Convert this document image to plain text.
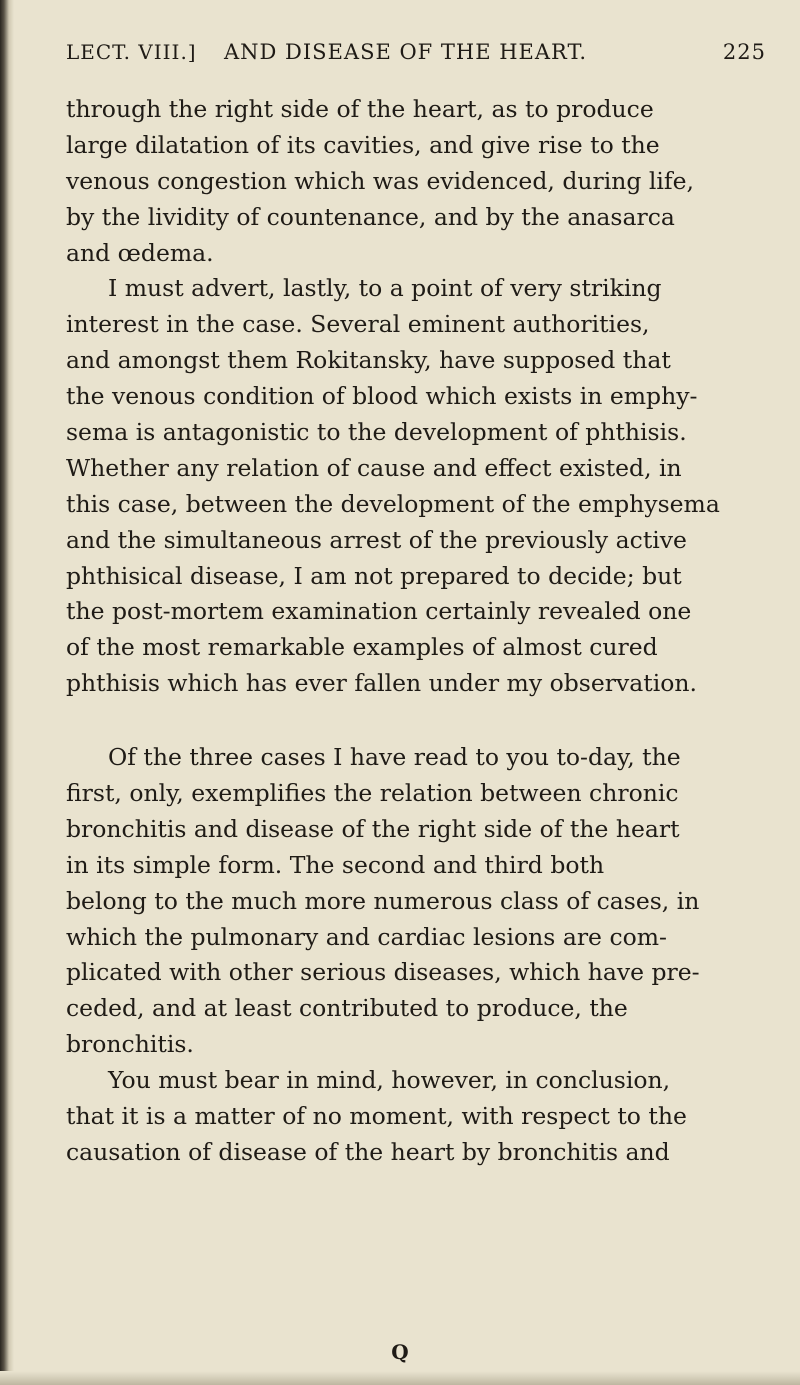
LECT. VIII.] AND DISEASE OF THE HEART.	225
through the right side of the heart, as to produce
large dilatation of its cavities, and give rise to the
venous congestion which was evidenced, during life,
by the lividity of countenance, and by the anasarca
and œdema.
I must advert, lastly, to a point of very striking
interest in the case. Several eminent authorities,
and amongst them Rokitansky, have supposed that
the venous condition of blood which exists in emphy-
sema is antagonistic to the development of phthisis.
Whether any relation of cause and effect existed, in
this case, between the development of the emphysema
and the simultaneous arrest of the previously active
phthisical disease, I am not prepared to decide; but
the post-mortem examination certainly revealed one
of the most remarkable examples of almost cured
phthisis which has ever fallen under my observation.
Of the three cases I have read to you to-day, the
first, only, exemplifies the relation between chronic
bronchitis and disease of the right side of the heart
in its simple form. The second and third both
belong to the much more numerous class of cases, in
which the pulmonary and cardiac lesions are com-
plicated with other serious diseases, which have pre-
ceded, and at least contributed to produce, the
bronchitis.
You must bear in mind, however, in conclusion,
that it is a matter of no moment, with respect to the
causation of disease of the heart by bronchitis and
Q
